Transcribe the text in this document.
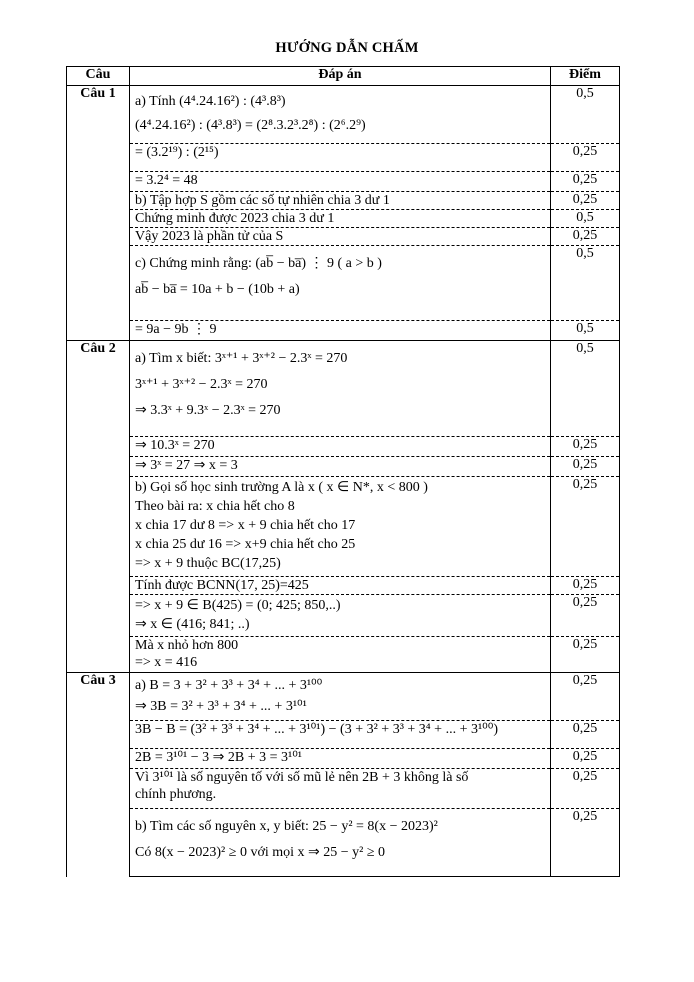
HƯỚNG DẪN CHẤM
Câu	Đáp án	Điểm
Câu 1	a) Tính (4⁴.24.16²) : (4³.8³)
(4⁴.24.16²) : (4³.8³) = (2⁸.3.2³.2⁸) : (2⁶.2⁹)	0,5

	= (3.2¹⁹) : (2¹⁵)	0,25

	= 3.2⁴ = 48	0,25

	b) Tập hợp S gồm các số tự nhiên chia 3 dư 1	0,25

	Chứng minh được 2023 chia 3 dư 1	0,5

	Vậy 2023 là phần tử của S	0,25

	c) Chứng minh rằng: (ab̅ − ba̅) ⋮ 9 ( a > b )
ab̅ − ba̅ = 10a + b − (10b + a)	0,5

	= 9a − 9b ⋮ 9	0,5
Câu 2	a) Tìm x biết: 3ˣ⁺¹ + 3ˣ⁺² − 2.3ˣ = 270
3ˣ⁺¹ + 3ˣ⁺² − 2.3ˣ = 270
⇒ 3.3ˣ + 9.3ˣ − 2.3ˣ = 270	0,5

	⇒ 10.3ˣ = 270	0,25

	⇒ 3ˣ = 27 ⇒ x = 3	0,25

	b) Gọi số học sinh trường A là x ( x ∈ N*, x < 800 )
Theo bài ra: x chia hết cho 8
x chia 17 dư 8 => x + 9 chia hết cho 17
x chia 25 dư 16 => x+9 chia hết cho 25
=> x + 9 thuộc BC(17,25)	0,25

	Tính được BCNN(17, 25)=425	0,25

	=> x + 9 ∈ B(425) = (0; 425; 850,..)
⇒ x ∈ (416; 841; ..)	0,25

	Mà x nhỏ hơn 800
=> x = 416	0,25
Câu 3	a) B = 3 + 3² + 3³ + 3⁴ + ... + 3¹⁰⁰
⇒ 3B = 3² + 3³ + 3⁴ + ... + 3¹⁰¹	0,25

	3B − B = (3² + 3³ + 3⁴ + ... + 3¹⁰¹) − (3 + 3² + 3³ + 3⁴ + ... + 3¹⁰⁰)	0,25

	2B = 3¹⁰¹ − 3 ⇒ 2B + 3 = 3¹⁰¹	0,25

	Vì 3¹⁰¹ là số nguyên tố với số mũ lẻ nên 2B + 3 không là số
chính phương.	0,25

	b) Tìm các số nguyên x, y biết: 25 − y² = 8(x − 2023)²
Có 8(x − 2023)² ≥ 0 với mọi x ⇒ 25 − y² ≥ 0	0,25
